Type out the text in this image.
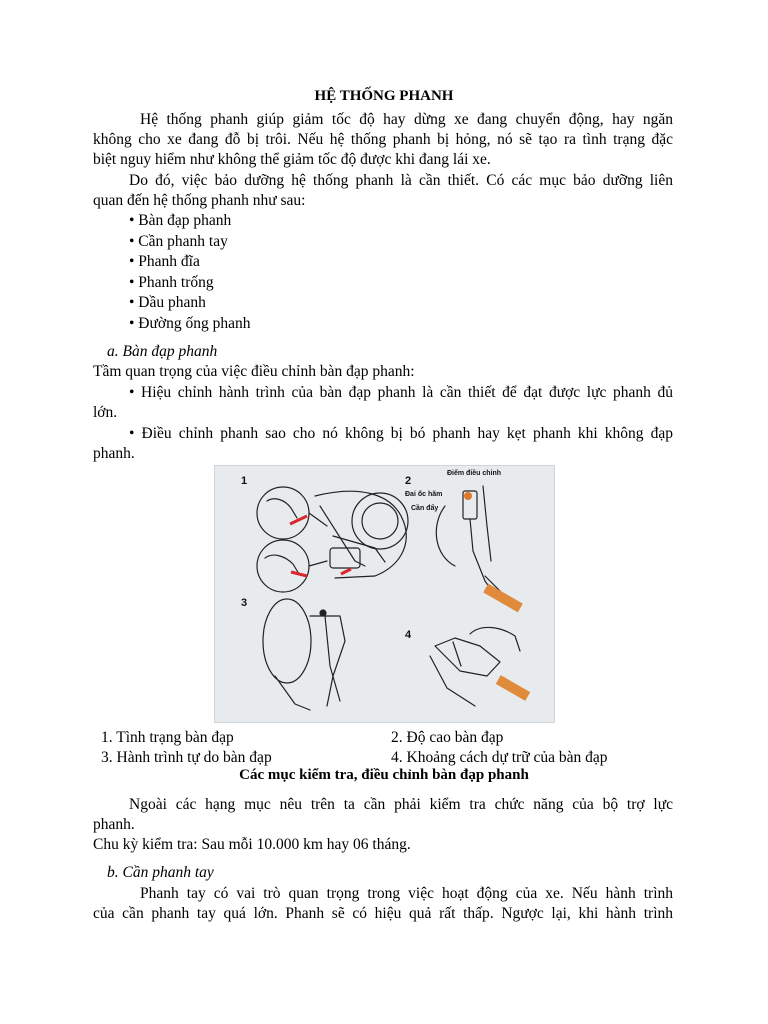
HỆ THỐNG PHANH
Hệ thống phanh giúp giảm tốc độ hay dừng xe đang chuyển động, hay ngăn
không cho xe đang đỗ bị trôi. Nếu hệ thống phanh bị hỏng, nó sẽ tạo ra tình trạng đặc
biệt nguy hiểm như không thể giảm tốc độ được khi đang lái xe.
Do đó, việc bảo dưỡng hệ thống phanh là cần thiết. Có các mục bảo dưỡng liên
quan đến hệ thống phanh như sau:
• Bàn đạp phanh
• Cần phanh tay
• Phanh đĩa
• Phanh trống
• Dầu phanh
• Đường ống phanh
a. Bàn đạp phanh
Tầm quan trọng của việc điều chỉnh bàn đạp phanh:
• Hiệu chỉnh hành trình của bàn đạp phanh là cần thiết để đạt được lực phanh đủ
lớn.
• Điều chỉnh phanh sao cho nó không bị bó phanh hay kẹt phanh khi không đạp
phanh.
1	2
3
4
Điểm điều chỉnh
Đai ốc hãm
Cần đẩy
1. Tình trạng bàn đạp	2. Độ cao bàn đạp
3. Hành trình tự do bàn đạp	4. Khoảng cách dự trữ của bàn đạp
Các mục kiểm tra, điều chỉnh bàn đạp phanh
Ngoài các hạng mục nêu trên ta cần phải kiểm tra chức năng của bộ trợ lực
phanh.
Chu kỳ kiểm tra: Sau mỗi 10.000 km hay 06 tháng.
b. Cần phanh tay
Phanh tay có vai trò quan trọng trong việc hoạt động của xe. Nếu hành trình
của cần phanh tay quá lớn. Phanh sẽ có hiệu quả rất thấp. Ngược lại, khi hành trình
